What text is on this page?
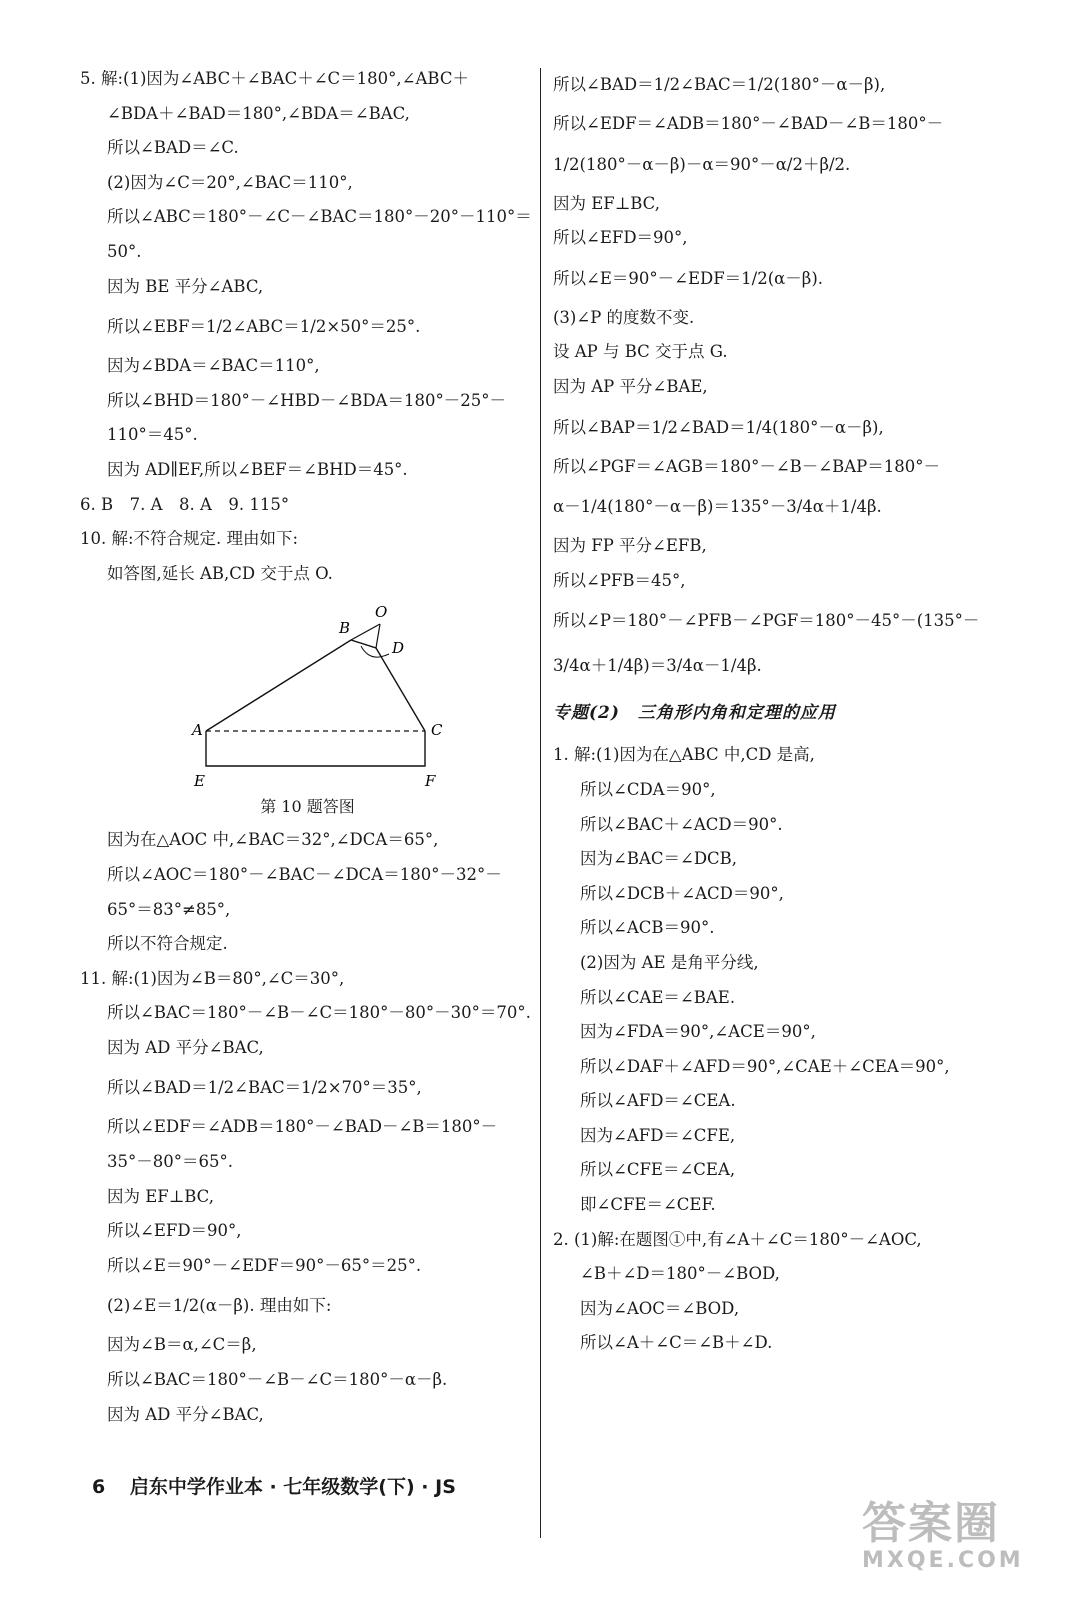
5. 解:(1)因为∠ABC＋∠BAC＋∠C＝180°,∠ABC＋
∠BDA＋∠BAD＝180°,∠BDA＝∠BAC,
所以∠BAD＝∠C.
(2)因为∠C＝20°,∠BAC＝110°,
所以∠ABC＝180°－∠C－∠BAC＝180°－20°－110°＝
50°.
因为 BE 平分∠ABC,
所以∠EBF＝1/2∠ABC＝1/2×50°＝25°.
因为∠BDA＝∠BAC＝110°,
所以∠BHD＝180°－∠HBD－∠BDA＝180°－25°－
110°＝45°.
因为 AD∥EF,所以∠BEF＝∠BHD＝45°.
6. B　7. A　8. A　9. 115°
10. 解:不符合规定. 理由如下:
如答图,延长 AB,CD 交于点 O.
A
B
O
D
C
E	F
第 10 题答图
因为在△AOC 中,∠BAC＝32°,∠DCA＝65°,
所以∠AOC＝180°－∠BAC－∠DCA＝180°－32°－
65°＝83°≠85°,
所以不符合规定.
11. 解:(1)因为∠B＝80°,∠C＝30°,
所以∠BAC＝180°－∠B－∠C＝180°－80°－30°＝70°.
因为 AD 平分∠BAC,
所以∠BAD＝1/2∠BAC＝1/2×70°＝35°,
所以∠EDF＝∠ADB＝180°－∠BAD－∠B＝180°－
35°－80°＝65°.
因为 EF⊥BC,
所以∠EFD＝90°,
所以∠E＝90°－∠EDF＝90°－65°＝25°.
(2)∠E＝1/2(α－β). 理由如下:
因为∠B＝α,∠C＝β,
所以∠BAC＝180°－∠B－∠C＝180°－α－β.
因为 AD 平分∠BAC,
所以∠BAD＝1/2∠BAC＝1/2(180°－α－β),
所以∠EDF＝∠ADB＝180°－∠BAD－∠B＝180°－
1/2(180°－α－β)－α＝90°－α/2＋β/2.
因为 EF⊥BC,
所以∠EFD＝90°,
所以∠E＝90°－∠EDF＝1/2(α－β).
(3)∠P 的度数不变.
设 AP 与 BC 交于点 G.
因为 AP 平分∠BAE,
所以∠BAP＝1/2∠BAD＝1/4(180°－α－β),
所以∠PGF＝∠AGB＝180°－∠B－∠BAP＝180°－
α－1/4(180°－α－β)＝135°－3/4α＋1/4β.
因为 FP 平分∠EFB,
所以∠PFB＝45°,
所以∠P＝180°－∠PFB－∠PGF＝180°－45°－(135°－
3/4α＋1/4β)＝3/4α－1/4β.
专题(2)　三角形内角和定理的应用
1. 解:(1)因为在△ABC 中,CD 是高,
所以∠CDA＝90°,
所以∠BAC＋∠ACD＝90°.
因为∠BAC＝∠DCB,
所以∠DCB＋∠ACD＝90°,
所以∠ACB＝90°.
(2)因为 AE 是角平分线,
所以∠CAE＝∠BAE.
因为∠FDA＝90°,∠ACE＝90°,
所以∠DAF＋∠AFD＝90°,∠CAE＋∠CEA＝90°,
所以∠AFD＝∠CEA.
因为∠AFD＝∠CFE,
所以∠CFE＝∠CEA,
即∠CFE＝∠CEF.
2. (1)解:在题图①中,有∠A＋∠C＝180°－∠AOC,
∠B＋∠D＝180°－∠BOD,
因为∠AOC＝∠BOD,
所以∠A＋∠C＝∠B＋∠D.
6 启东中学作业本 · 七年级数学(下) · JS
答案圈
MXQE.COM
